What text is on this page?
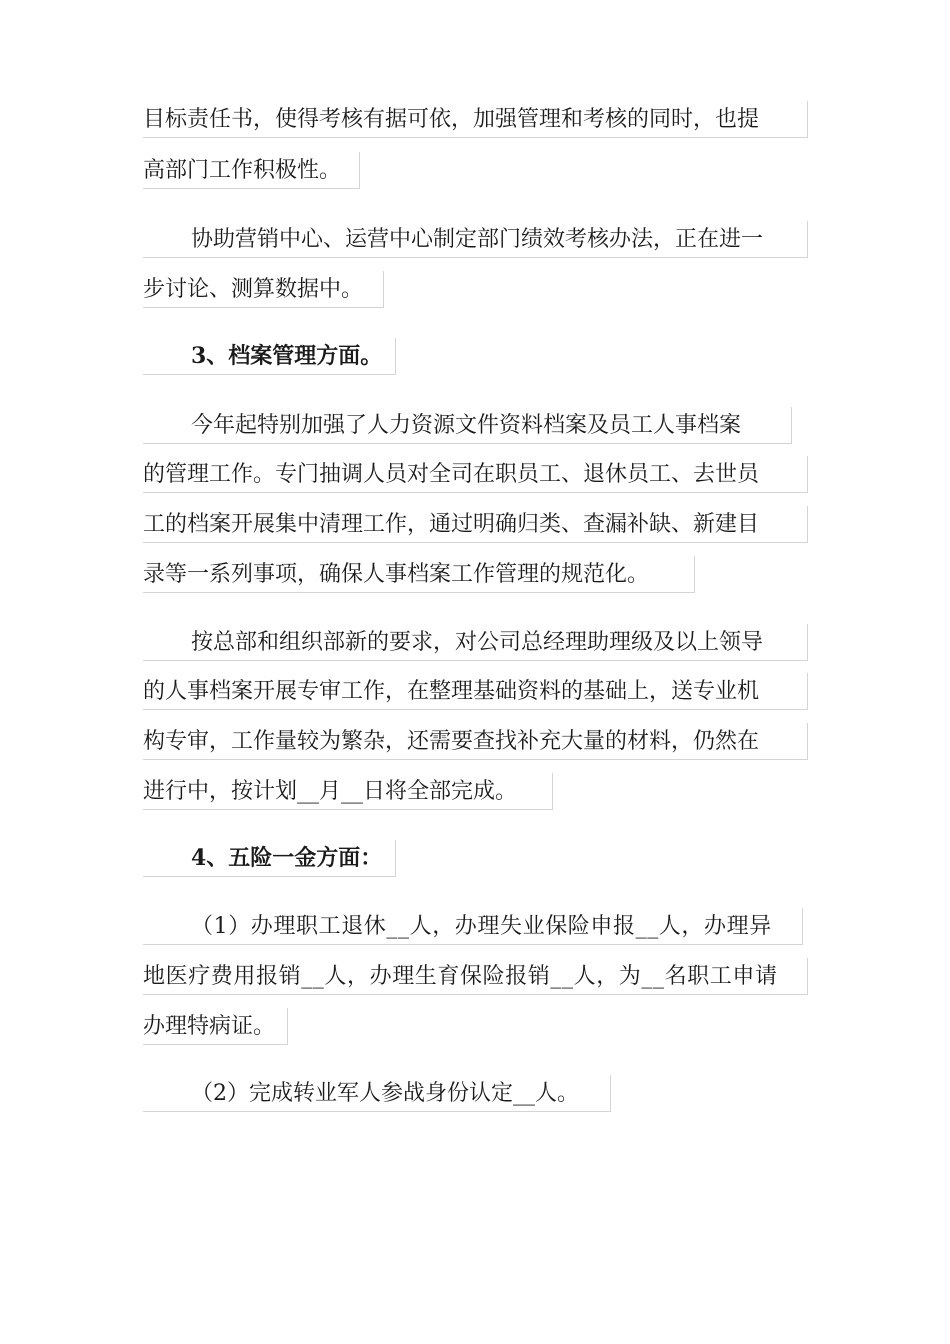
目标责任书，使得考核有据可依，加强管理和考核的同时，也提
高部门工作积极性。
协助营销中心、运营中心制定部门绩效考核办法，正在进一
步讨论、测算数据中。
3、档案管理方面。
今年起特别加强了人力资源文件资料档案及员工人事档案
的管理工作。专门抽调人员对全司在职员工、退休员工、去世员
工的档案开展集中清理工作，通过明确归类、查漏补缺、新建目
录等一系列事项，确保人事档案工作管理的规范化。
按总部和组织部新的要求，对公司总经理助理级及以上领导
的人事档案开展专审工作，在整理基础资料的基础上，送专业机
构专审，工作量较为繁杂，还需要查找补充大量的材料，仍然在
进行中，按计划__月__日将全部完成。
4、五险一金方面：
（1）办理职工退休__人，办理失业保险申报__人，办理异
地医疗费用报销__人，办理生育保险报销__人，为__名职工申请
办理特病证。
（2）完成转业军人参战身份认定__人。
